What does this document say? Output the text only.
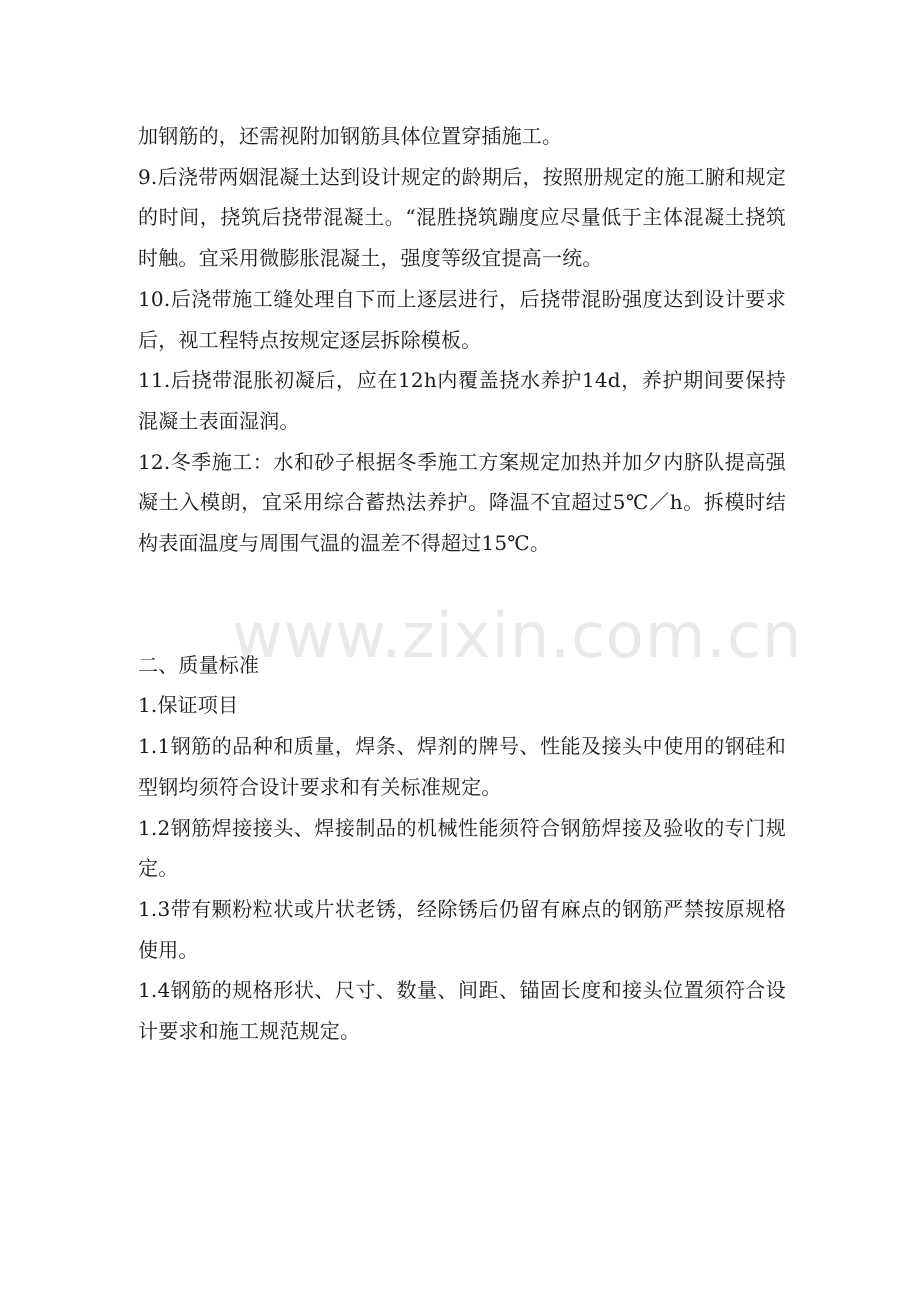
加钢筋的，还需视附加钢筋具体位置穿插施工。

9.后浇带两姻混凝土达到设计规定的龄期后，按照册规定的施工腑和规定的时间，挠筑后挠带混凝土。“混胜挠筑蹦度应尽量低于主体混凝土挠筑时触。宜采用微膨胀混凝土，强度等级宜提高一统。

10.后浇带施工缝处理自下而上逐层进行，后挠带混盼强度达到设计要求后，视工程特点按规定逐层拆除模板。

11.后挠带混胀初凝后，应在12h内覆盖挠水养护14d，养护期间要保持混凝土表面湿润。

12.冬季施工：水和砂子根据冬季施工方案规定加热并加夕内脐队提高强凝土入模朗，宜采用综合蓄热法养护。降温不宜超过5℃／h。拆模时结构表面温度与周围气温的温差不得超过15℃。

二、质量标准

1.保证项目

1.1钢筋的品种和质量，焊条、焊剂的牌号、性能及接头中使用的钢硅和型钢均须符合设计要求和有关标准规定。

1.2钢筋焊接接头、焊接制品的机械性能须符合钢筋焊接及验收的专门规定。

1.3带有颗粉粒状或片状老锈，经除锈后仍留有麻点的钢筋严禁按原规格使用。

1.4钢筋的规格形状、尺寸、数量、间距、锚固长度和接头位置须符合设计要求和施工规范规定。

www.zixin.com.cn
